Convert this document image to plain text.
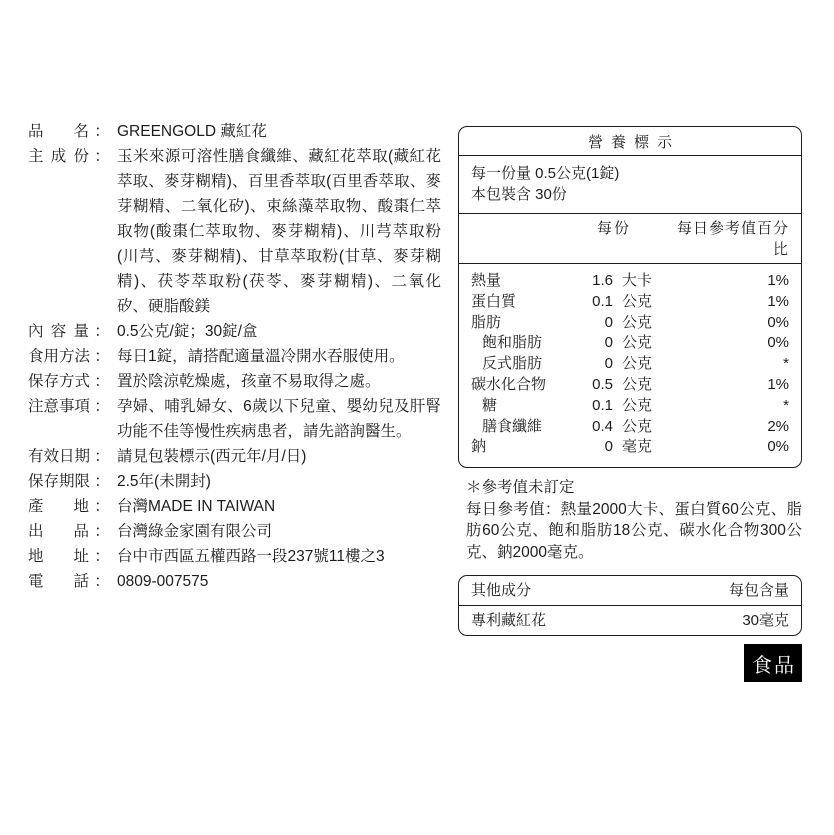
品名 ： GREENGOLD 藏紅花
主成份 ： 玉米來源可溶性膳食纖維、藏紅花萃取(藏紅花萃取、麥芽糊精)、百里香萃取(百里香萃取、麥芽糊精、二氧化矽)、束絲藻萃取物、酸棗仁萃取物(酸棗仁萃取物、麥芽糊精)、川芎萃取粉(川芎、麥芽糊精)、甘草萃取粉(甘草、麥芽糊精)、茯苓萃取粉(茯苓、麥芽糊精)、二氧化矽、硬脂酸鎂
內容量 ： 0.5公克/錠；30錠/盒
食用方法 ： 每日1錠，請搭配適量溫冷開水吞服使用。
保存方式 ： 置於陰涼乾燥處，孩童不易取得之處。
注意事項 ： 孕婦、哺乳婦女、6歲以下兒童、嬰幼兒及肝腎功能不佳等慢性疾病患者，請先諮詢醫生。
有效日期 ： 請見包裝標示(西元年/月/日)
保存期限 ： 2.5年(未開封)
產地 ： 台灣MADE IN TAIWAN
出品 ： 台灣綠金家園有限公司
地址 ： 台中市西區五權西路一段237號11樓之3
電話 ： 0809-007575
營養標示
每一份量 0.5公克(1錠)
本包裝含 30份
每份	每日參考值百分比
熱量	1.6 大卡	1%
蛋白質	0.1 公克	1%
脂肪	0 公克	0%
飽和脂肪	0 公克	0%
反式脂肪	0 公克	*
碳水化合物	0.5 公克	1%
糖	0.1 公克	*
膳食纖維	0.4 公克	2%
鈉	0 毫克	0%
＊參考值未訂定
每日參考值：熱量2000大卡、蛋白質60公克、脂肪60公克、飽和脂肪18公克、碳水化合物300公克、鈉2000毫克。
其他成分	每包含量
專利藏紅花	30毫克
食品
